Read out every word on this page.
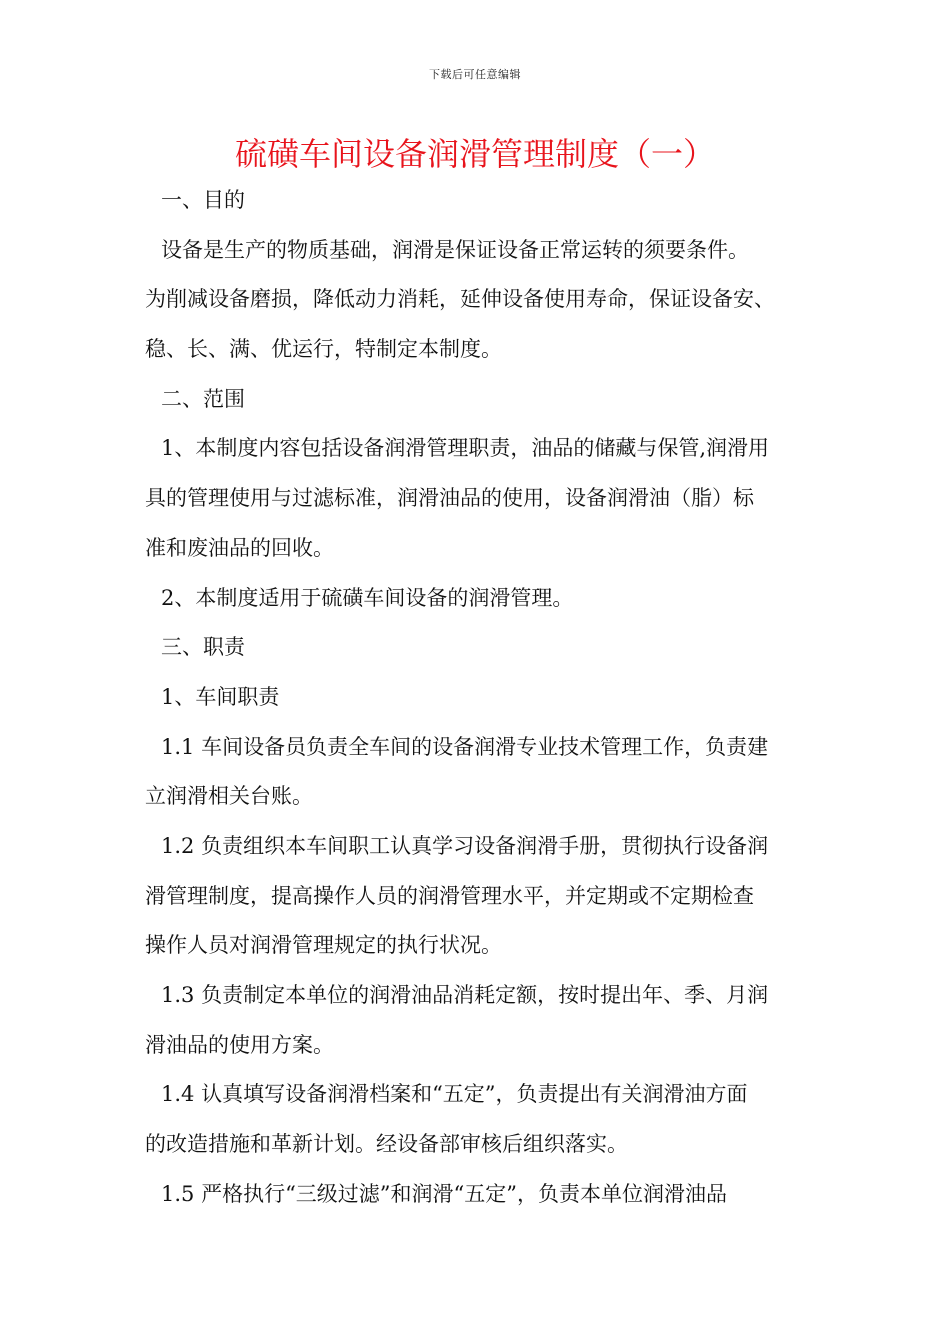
下载后可任意编辑
硫磺车间设备润滑管理制度（一）
一、目的
设备是生产的物质基础，润滑是保证设备正常运转的须要条件。
为削减设备磨损，降低动力消耗，延伸设备使用寿命，保证设备安、
稳、长、满、优运行，特制定本制度。
二、范围
1、本制度内容包括设备润滑管理职责，油品的储藏与保管,润滑用
具的管理使用与过滤标准，润滑油品的使用，设备润滑油（脂）标
准和废油品的回收。
2、本制度适用于硫磺车间设备的润滑管理。
三、职责
1、车间职责
1.1 车间设备员负责全车间的设备润滑专业技术管理工作，负责建
立润滑相关台账。
1.2 负责组织本车间职工认真学习设备润滑手册，贯彻执行设备润
滑管理制度，提高操作人员的润滑管理水平，并定期或不定期检查
操作人员对润滑管理规定的执行状况。
1.3 负责制定本单位的润滑油品消耗定额，按时提出年、季、月润
滑油品的使用方案。
1.4 认真填写设备润滑档案和“五定”，负责提出有关润滑油方面
的改造措施和革新计划。经设备部审核后组织落实。
1.5 严格执行“三级过滤”和润滑“五定”，负责本单位润滑油品
